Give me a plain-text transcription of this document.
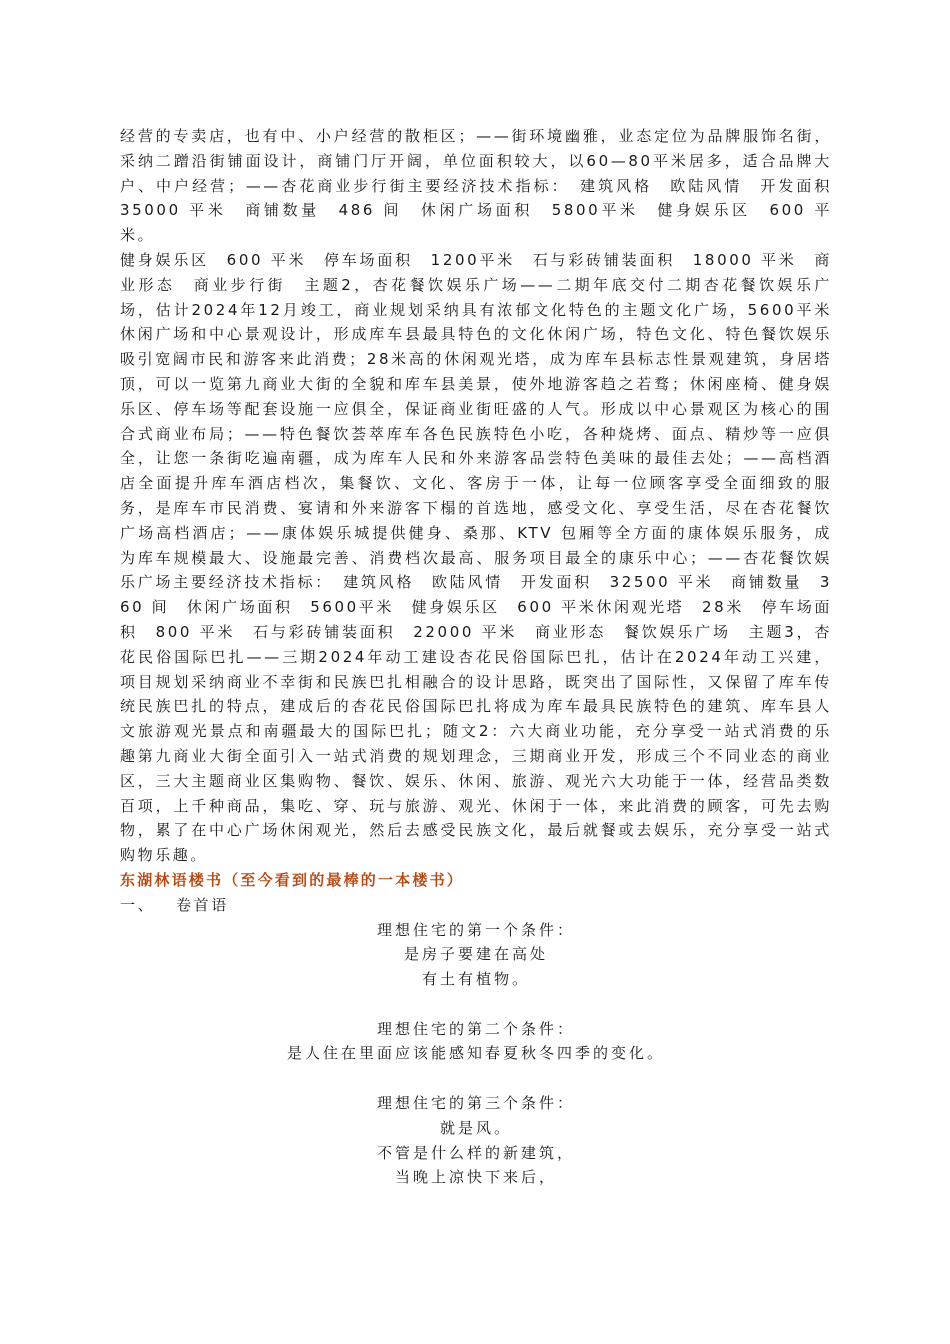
经营的专卖店，也有中、小户经营的散柜区；——街环境幽雅，业态定位为品牌服饰名街，采纳二蹭沿街铺面设计，商铺门厅开阔，单位面积较大，以60—80平米居多，适合品牌大户、中户经营；——杏花商业步行街主要经济技术指标：　建筑风格　欧陆风情　开发面积　35000 平米　商铺数量　486 间　休闲广场面积　5800平米　健身娱乐区　600 平米。

健身娱乐区　600 平米　停车场面积　1200平米　石与彩砖铺装面积　18000 平米　商业形态　商业步行街　主题2，杏花餐饮娱乐广场——二期年底交付二期杏花餐饮娱乐广场，估计2024年12月竣工，商业规划采纳具有浓郁文化特色的主题文化广场，5600平米休闲广场和中心景观设计，形成库车县最具特色的文化休闲广场，特色文化、特色餐饮娱乐吸引宽阔市民和游客来此消费；28米高的休闲观光塔，成为库车县标志性景观建筑，身居塔顶，可以一览第九商业大街的全貌和库车县美景，使外地游客趋之若骛；休闲座椅、健身娱乐区、停车场等配套设施一应俱全，保证商业街旺盛的人气。形成以中心景观区为核心的围合式商业布局；——特色餐饮荟萃库车各色民族特色小吃，各种烧烤、面点、精炒等一应俱全，让您一条街吃遍南疆，成为库车人民和外来游客品尝特色美味的最佳去处；——高档酒店全面提升库车酒店档次，集餐饮、文化、客房于一体，让每一位顾客享受全面细致的服务，是库车市民消费、宴请和外来游客下榻的首选地，感受文化、享受生活，尽在杏花餐饮广场高档酒店；——康体娱乐城提供健身、桑那、KTV 包厢等全方面的康体娱乐服务，成为库车规模最大、设施最完善、消费档次最高、服务项目最全的康乐中心；——杏花餐饮娱乐广场主要经济技术指标：　建筑风格　欧陆风情　开发面积　32500 平米　商铺数量　360 间　休闲广场面积　5600平米　健身娱乐区　600 平米休闲观光塔　28米　停车场面积　800 平米　石与彩砖铺装面积　22000 平米　商业形态　餐饮娱乐广场　主题3，杏花民俗国际巴扎——三期2024年动工建设杏花民俗国际巴扎，估计在2024年动工兴建，项目规划采纳商业不幸街和民族巴扎相融合的设计思路，既突出了国际性，又保留了库车传统民族巴扎的特点，建成后的杏花民俗国际巴扎将成为库车最具民族特色的建筑、库车县人文旅游观光景点和南疆最大的国际巴扎；随文2：六大商业功能，充分享受一站式消费的乐趣第九商业大街全面引入一站式消费的规划理念，三期商业开发，形成三个不同业态的商业区，三大主题商业区集购物、餐饮、娱乐、休闲、旅游、观光六大功能于一体，经营品类数百项，上千种商品，集吃、穿、玩与旅游、观光、休闲于一体，来此消费的顾客，可先去购物，累了在中心广场休闲观光，然后去感受民族文化，最后就餐或去娱乐，充分享受一站式购物乐趣。

东湖林语楼书（至今看到的最棒的一本楼书）

一、 卷首语

理想住宅的第一个条件：
是房子要建在高处
有土有植物。
理想住宅的第二个条件：
是人住在里面应该能感知春夏秋冬四季的变化。
理想住宅的第三个条件：
就是风。
不管是什么样的新建筑，
当晚上凉快下来后，
